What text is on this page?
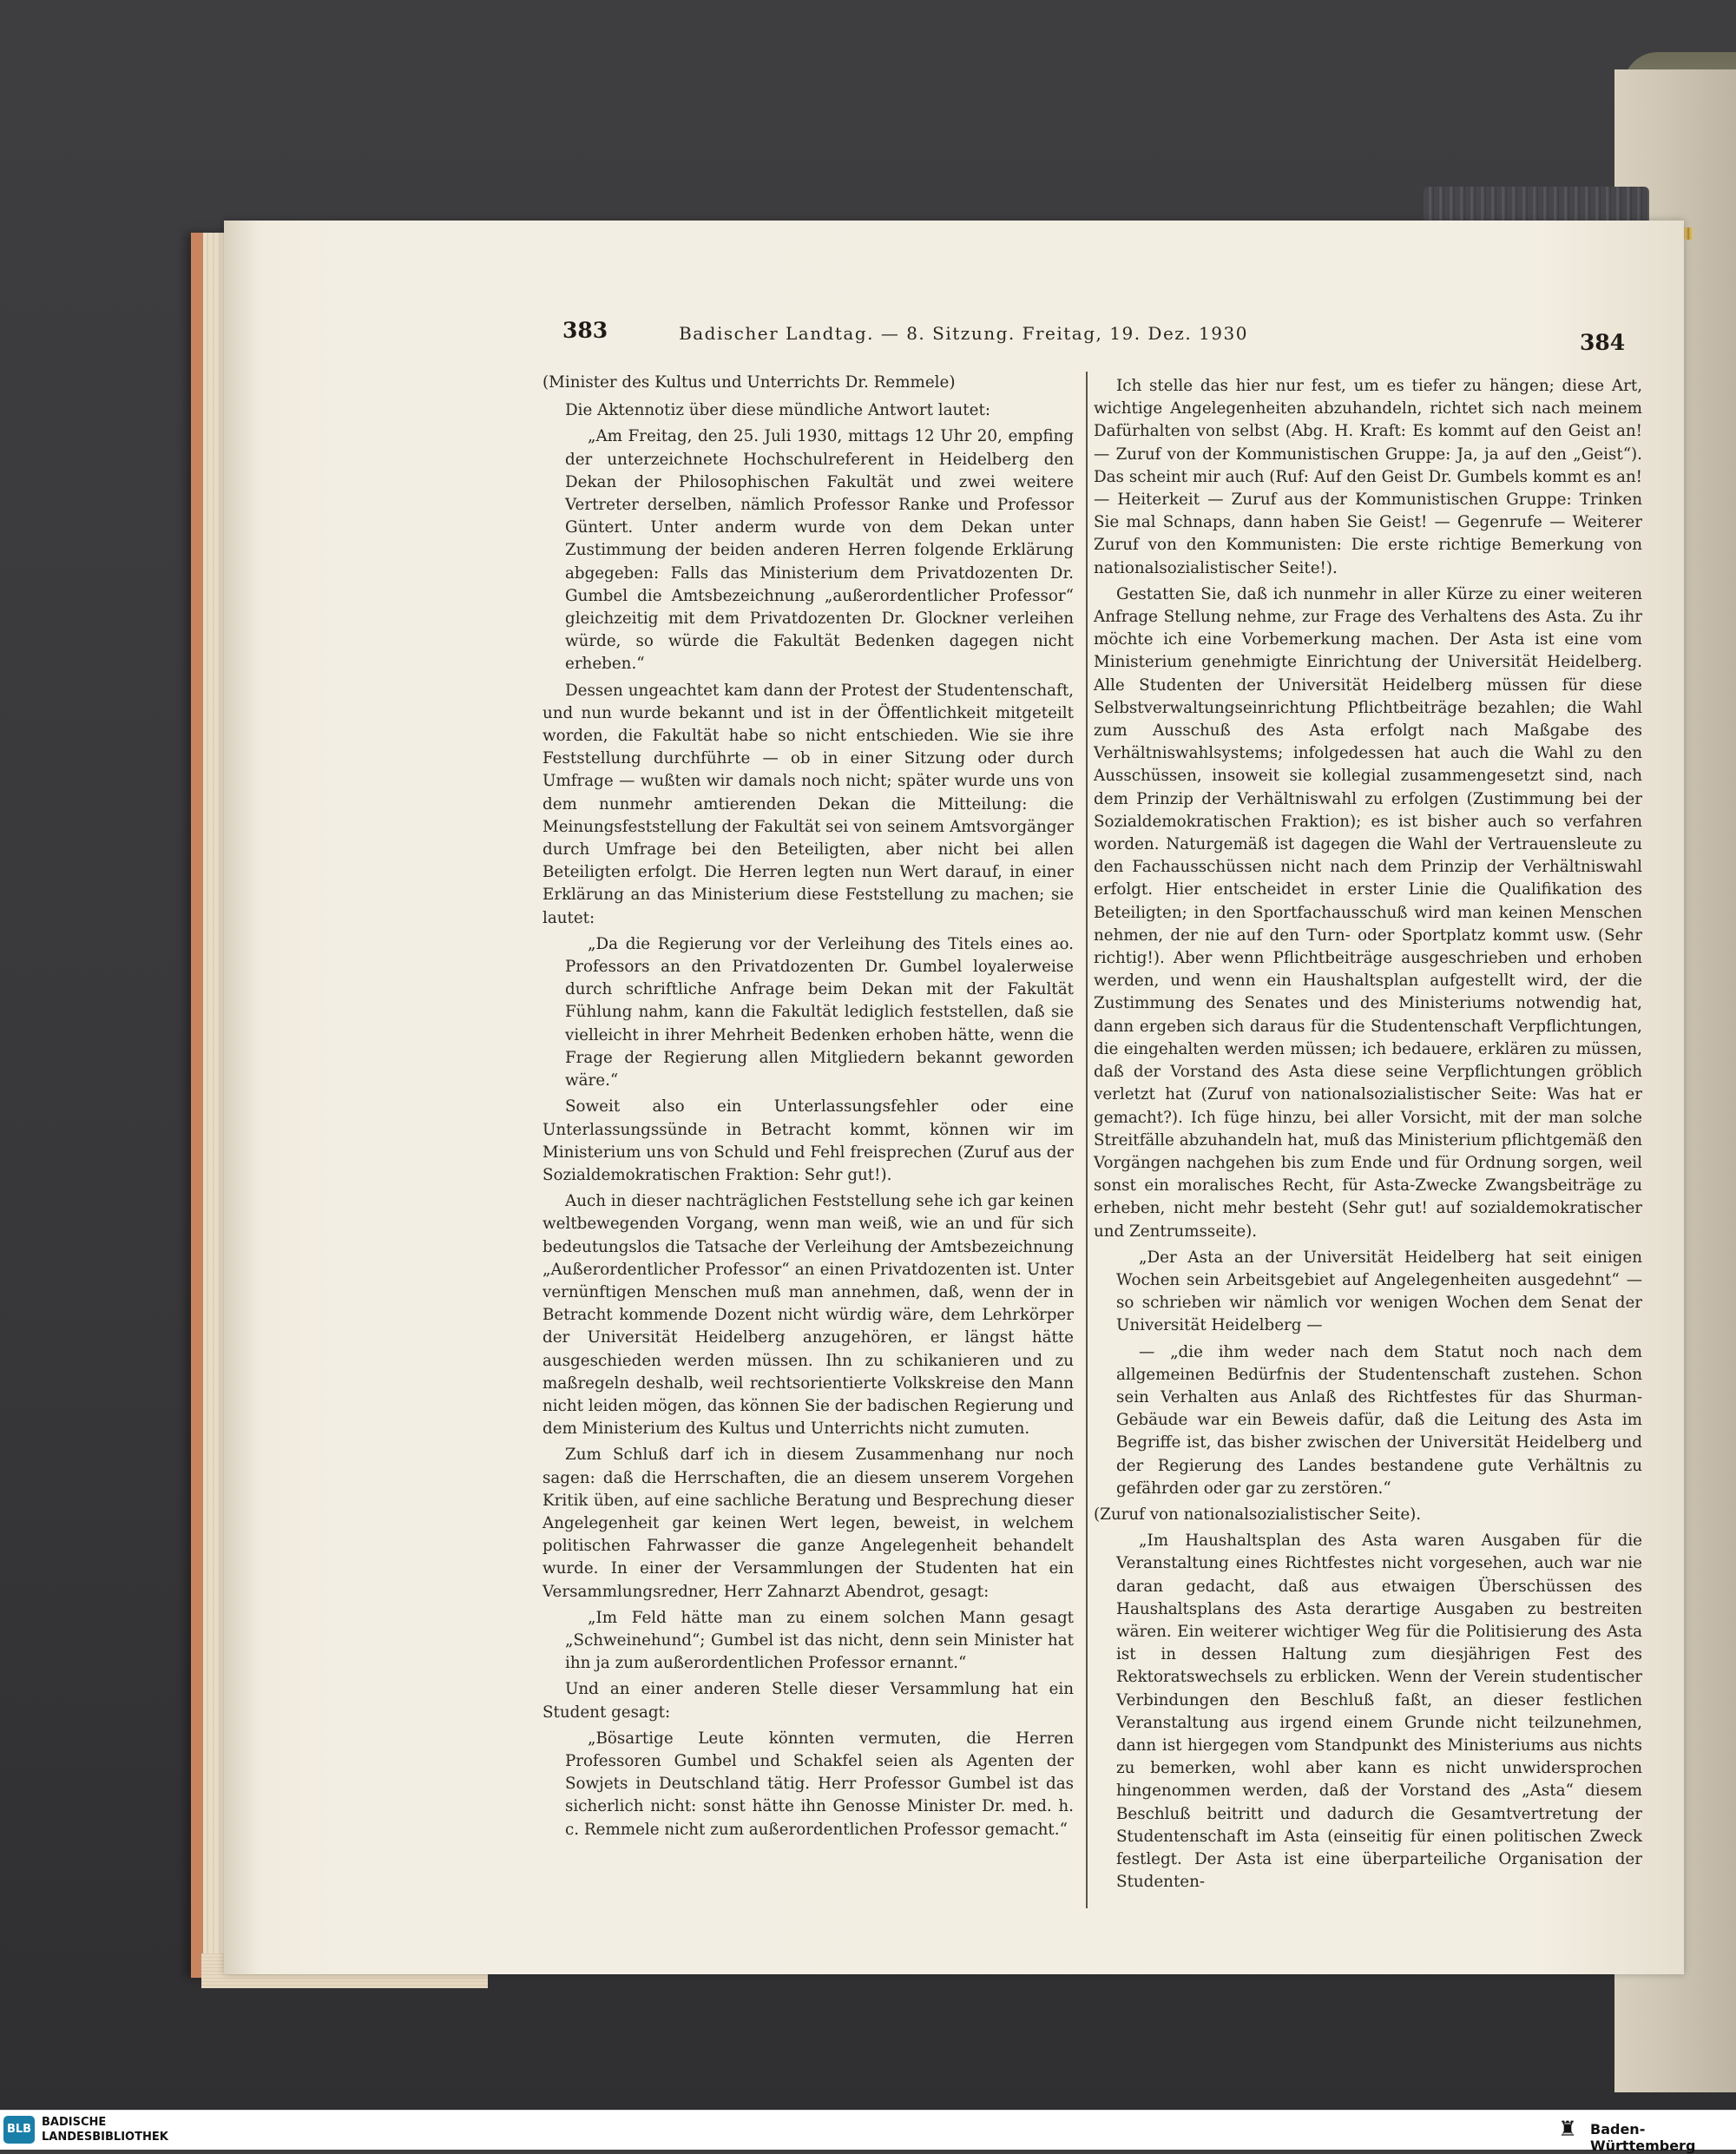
383	Badischer Landtag. — 8. Sitzung. Freitag, 19. Dez. 1930	384

(Minister des Kultus und Unterrichts Dr. Remmele)

Die Aktennotiz über diese mündliche Antwort lautet:

„Am Freitag, den 25. Juli 1930, mittags 12 Uhr 20, empfing der unterzeichnete Hochschulreferent in Heidelberg den Dekan der Philosophischen Fakultät und zwei weitere Vertreter derselben, nämlich Professor Ranke und Professor Güntert. Unter anderm wurde von dem Dekan unter Zustimmung der beiden anderen Herren folgende Erklärung abgegeben: Falls das Ministerium dem Privatdozenten Dr. Gumbel die Amtsbezeichnung „außerordentlicher Professor“ gleichzeitig mit dem Privatdozenten Dr. Glockner verleihen würde, so würde die Fakultät Bedenken dagegen nicht erheben.“

Dessen ungeachtet kam dann der Protest der Studentenschaft, und nun wurde bekannt und ist in der Öffentlichkeit mitgeteilt worden, die Fakultät habe so nicht entschieden. Wie sie ihre Feststellung durchführte — ob in einer Sitzung oder durch Umfrage — wußten wir damals noch nicht; später wurde uns von dem nunmehr amtierenden Dekan die Mitteilung: die Meinungsfeststellung der Fakultät sei von seinem Amtsvorgänger durch Umfrage bei den Beteiligten, aber nicht bei allen Beteiligten erfolgt. Die Herren legten nun Wert darauf, in einer Erklärung an das Ministerium diese Feststellung zu machen; sie lautet:

„Da die Regierung vor der Verleihung des Titels eines ao. Professors an den Privatdozenten Dr. Gumbel loyalerweise durch schriftliche Anfrage beim Dekan mit der Fakultät Fühlung nahm, kann die Fakultät lediglich feststellen, daß sie vielleicht in ihrer Mehrheit Bedenken erhoben hätte, wenn die Frage der Regierung allen Mitgliedern bekannt geworden wäre.“

Soweit also ein Unterlassungsfehler oder eine Unterlassungssünde in Betracht kommt, können wir im Ministerium uns von Schuld und Fehl freisprechen (Zuruf aus der Sozialdemokratischen Fraktion: Sehr gut!).

Auch in dieser nachträglichen Feststellung sehe ich gar keinen weltbewegenden Vorgang, wenn man weiß, wie an und für sich bedeutungslos die Tatsache der Verleihung der Amtsbezeichnung „Außerordentlicher Professor“ an einen Privatdozenten ist. Unter vernünftigen Menschen muß man annehmen, daß, wenn der in Betracht kommende Dozent nicht würdig wäre, dem Lehrkörper der Universität Heidelberg anzugehören, er längst hätte ausgeschieden werden müssen. Ihn zu schikanieren und zu maßregeln deshalb, weil rechtsorientierte Volkskreise den Mann nicht leiden mögen, das können Sie der badischen Regierung und dem Ministerium des Kultus und Unterrichts nicht zumuten.

Zum Schluß darf ich in diesem Zusammenhang nur noch sagen: daß die Herrschaften, die an diesem unserem Vorgehen Kritik üben, auf eine sachliche Beratung und Besprechung dieser Angelegenheit gar keinen Wert legen, beweist, in welchem politischen Fahrwasser die ganze Angelegenheit behandelt wurde. In einer der Versammlungen der Studenten hat ein Versammlungsredner, Herr Zahnarzt Abendrot, gesagt:

„Im Feld hätte man zu einem solchen Mann gesagt „Schweinehund“; Gumbel ist das nicht, denn sein Minister hat ihn ja zum außerordentlichen Professor ernannt.“

Und an einer anderen Stelle dieser Versammlung hat ein Student gesagt:

„Bösartige Leute könnten vermuten, die Herren Professoren Gumbel und Schakfel seien als Agenten der Sowjets in Deutschland tätig. Herr Professor Gumbel ist das sicherlich nicht: sonst hätte ihn Genosse Minister Dr. med. h. c. Remmele nicht zum außerordentlichen Professor gemacht.“

Ich stelle das hier nur fest, um es tiefer zu hängen; diese Art, wichtige Angelegenheiten abzuhandeln, richtet sich nach meinem Dafürhalten von selbst (Abg. H. Kraft: Es kommt auf den Geist an! — Zuruf von der Kommunistischen Gruppe: Ja, ja auf den „Geist“). Das scheint mir auch (Ruf: Auf den Geist Dr. Gumbels kommt es an! — Heiterkeit — Zuruf aus der Kommunistischen Gruppe: Trinken Sie mal Schnaps, dann haben Sie Geist! — Gegenrufe — Weiterer Zuruf von den Kommunisten: Die erste richtige Bemerkung von nationalsozialistischer Seite!).

Gestatten Sie, daß ich nunmehr in aller Kürze zu einer weiteren Anfrage Stellung nehme, zur Frage des Verhaltens des Asta. Zu ihr möchte ich eine Vorbemerkung machen. Der Asta ist eine vom Ministerium genehmigte Einrichtung der Universität Heidelberg. Alle Studenten der Universität Heidelberg müssen für diese Selbstverwaltungseinrichtung Pflichtbeiträge bezahlen; die Wahl zum Ausschuß des Asta erfolgt nach Maßgabe des Verhältniswahlsystems; infolgedessen hat auch die Wahl zu den Ausschüssen, insoweit sie kollegial zusammengesetzt sind, nach dem Prinzip der Verhältniswahl zu erfolgen (Zustimmung bei der Sozialdemokratischen Fraktion); es ist bisher auch so verfahren worden. Naturgemäß ist dagegen die Wahl der Vertrauensleute zu den Fachausschüssen nicht nach dem Prinzip der Verhältniswahl erfolgt. Hier entscheidet in erster Linie die Qualifikation des Beteiligten; in den Sportfachausschuß wird man keinen Menschen nehmen, der nie auf den Turn- oder Sportplatz kommt usw. (Sehr richtig!). Aber wenn Pflichtbeiträge ausgeschrieben und erhoben werden, und wenn ein Haushaltsplan aufgestellt wird, der die Zustimmung des Senates und des Ministeriums notwendig hat, dann ergeben sich daraus für die Studentenschaft Verpflichtungen, die eingehalten werden müssen; ich bedauere, erklären zu müssen, daß der Vorstand des Asta diese seine Verpflichtungen gröblich verletzt hat (Zuruf von nationalsozialistischer Seite: Was hat er gemacht?). Ich füge hinzu, bei aller Vorsicht, mit der man solche Streitfälle abzuhandeln hat, muß das Ministerium pflichtgemäß den Vorgängen nachgehen bis zum Ende und für Ordnung sorgen, weil sonst ein moralisches Recht, für Asta-Zwecke Zwangsbeiträge zu erheben, nicht mehr besteht (Sehr gut! auf sozialdemokratischer und Zentrumsseite).

„Der Asta an der Universität Heidelberg hat seit einigen Wochen sein Arbeitsgebiet auf Angelegenheiten ausgedehnt“ — so schrieben wir nämlich vor wenigen Wochen dem Senat der Universität Heidelberg —

— „die ihm weder nach dem Statut noch nach dem allgemeinen Bedürfnis der Studentenschaft zustehen. Schon sein Verhalten aus Anlaß des Richtfestes für das Shurman-Gebäude war ein Beweis dafür, daß die Leitung des Asta im Begriffe ist, das bisher zwischen der Universität Heidelberg und der Regierung des Landes bestandene gute Verhältnis zu gefährden oder gar zu zerstören.“

(Zuruf von nationalsozialistischer Seite).

„Im Haushaltsplan des Asta waren Ausgaben für die Veranstaltung eines Richtfestes nicht vorgesehen, auch war nie daran gedacht, daß aus etwaigen Überschüssen des Haushaltsplans des Asta derartige Ausgaben zu bestreiten wären. Ein weiterer wichtiger Weg für die Politisierung des Asta ist in dessen Haltung zum diesjährigen Fest des Rektoratswechsels zu erblicken. Wenn der Verein studentischer Verbindungen den Beschluß faßt, an dieser festlichen Veranstaltung aus irgend einem Grunde nicht teilzunehmen, dann ist hiergegen vom Standpunkt des Ministeriums aus nichts zu bemerken, wohl aber kann es nicht unwidersprochen hingenommen werden, daß der Vorstand des „Asta“ diesem Beschluß beitritt und dadurch die Gesamtvertretung der Studentenschaft im Asta (einseitig für einen politischen Zweck festlegt. Der Asta ist eine überparteiliche Organisation der Studenten-

BLB
BADISCHE
LANDESBIBLIOTHEK	♜ Baden-Württemberg
